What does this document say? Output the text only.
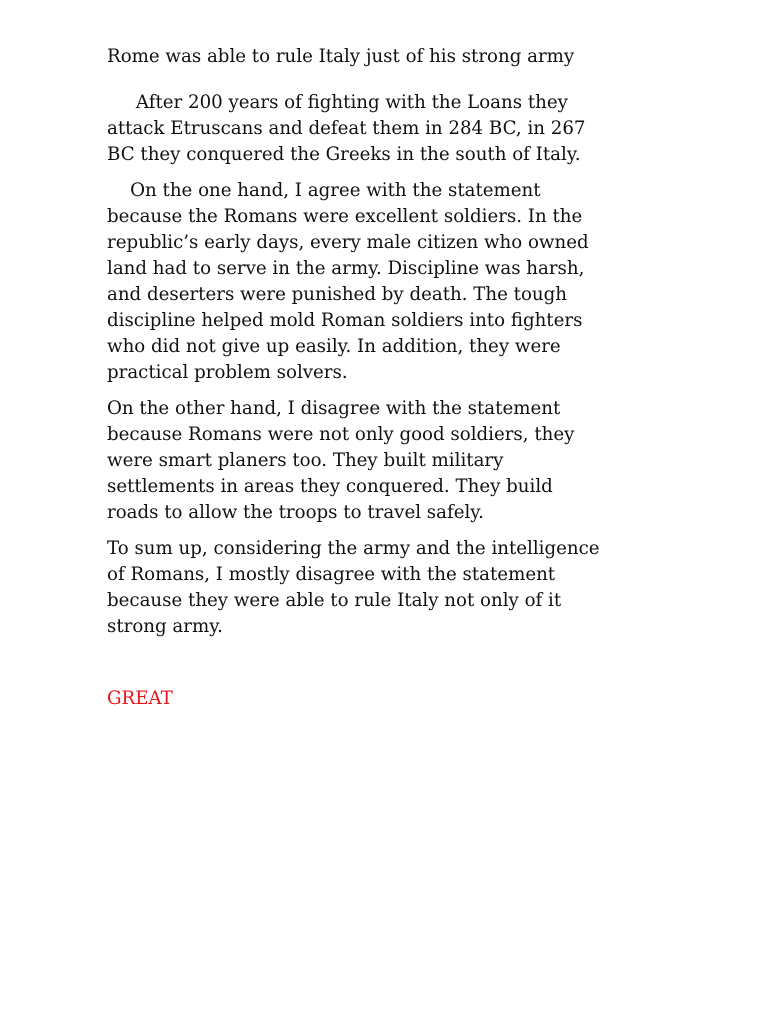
Rome was able to rule Italy just of his strong army

After 200 years of fighting with the Loans they
attack Etruscans and defeat them in 284 BC, in 267
BC they conquered the Greeks in the south of Italy.

On the one hand, I agree with the statement
because the Romans were excellent soldiers. In the
republic’s early days, every male citizen who owned
land had to serve in the army. Discipline was harsh,
and deserters were punished by death. The tough
discipline helped mold Roman soldiers into fighters
who did not give up easily. In addition, they were
practical problem solvers.

On the other hand, I disagree with the statement
because Romans were not only good soldiers, they
were smart planers too. They built military
settlements in areas they conquered. They build
roads to allow the troops to travel safely.

To sum up, considering the army and the intelligence
of Romans, I mostly disagree with the statement
because they were able to rule Italy not only of it
strong army.

GREAT
